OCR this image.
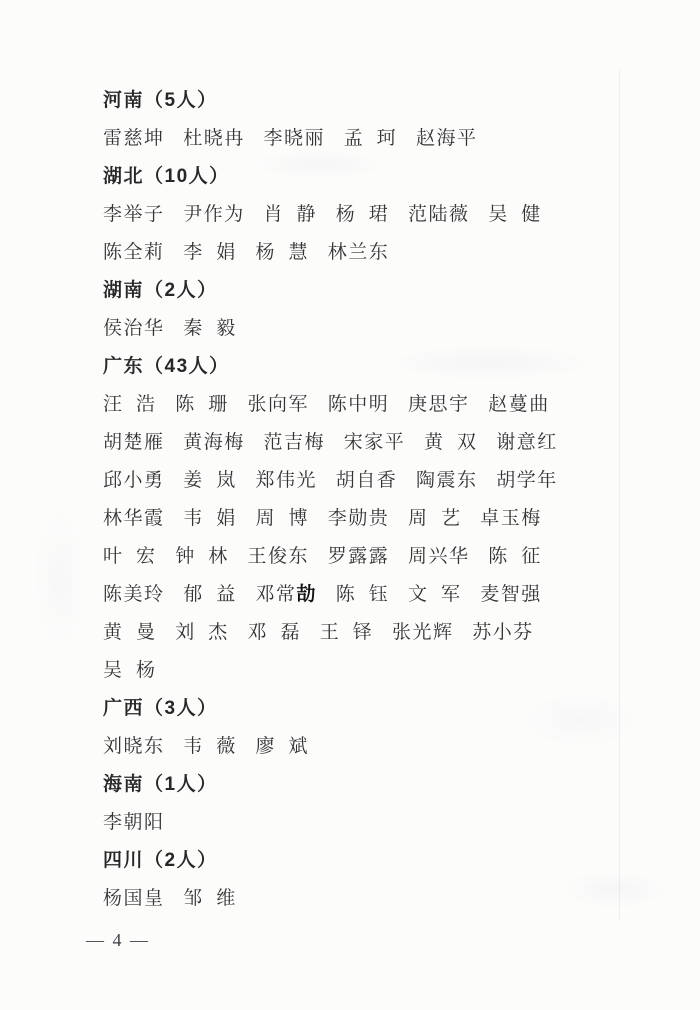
河南（5人）
雷慈坤   杜晓冉   李晓丽   孟  珂   赵海平
湖北（10人）
李举子   尹作为   肖  静   杨  珺   范陆薇   吴  健
陈全莉   李  娟   杨  慧   林兰东
湖南（2人）
侯治华   秦  毅
广东（43人）
汪  浩   陈  珊   张向军   陈中明   庚思宇   赵蔓曲
胡楚雁   黄海梅   范吉梅   宋家平   黄  双   谢意红
邱小勇   姜  岚   郑伟光   胡自香   陶震东   胡学年
林华霞   韦  娟   周  博   李勋贵   周  艺   卓玉梅
叶  宏   钟  林   王俊东   罗露露   周兴华   陈  征
陈美玲   郁  益   邓常劼   陈  钰   文  军   麦智强
黄  曼   刘  杰   邓  磊   王  铎   张光辉   苏小芬
吴  杨
广西（3人）
刘晓东   韦  薇   廖  斌
海南（1人）
李朝阳
四川（2人）
杨国皇   邹  维
— 4 —
